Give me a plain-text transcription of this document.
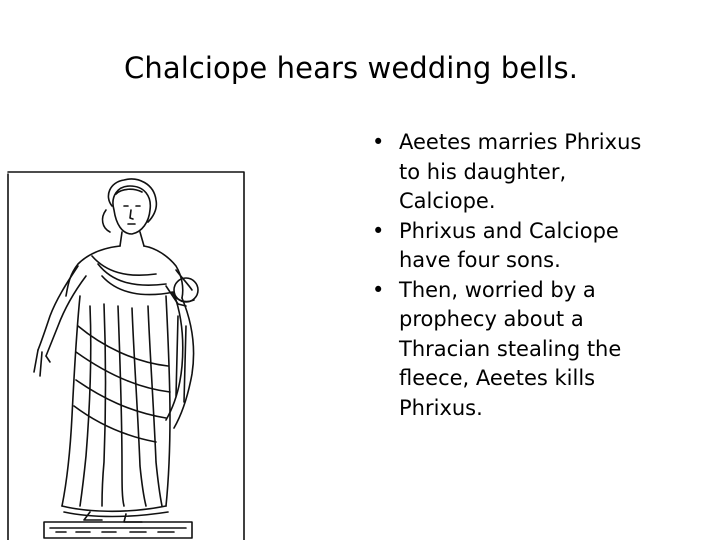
Chalciope hears wedding bells.
• Aeetes marries Phrixus
to his daughter,
Calciope.
• Phrixus and Calciope
have four sons.
• Then, worried by a
prophecy about a
Thracian stealing the
fleece, Aeetes kills
Phrixus.
